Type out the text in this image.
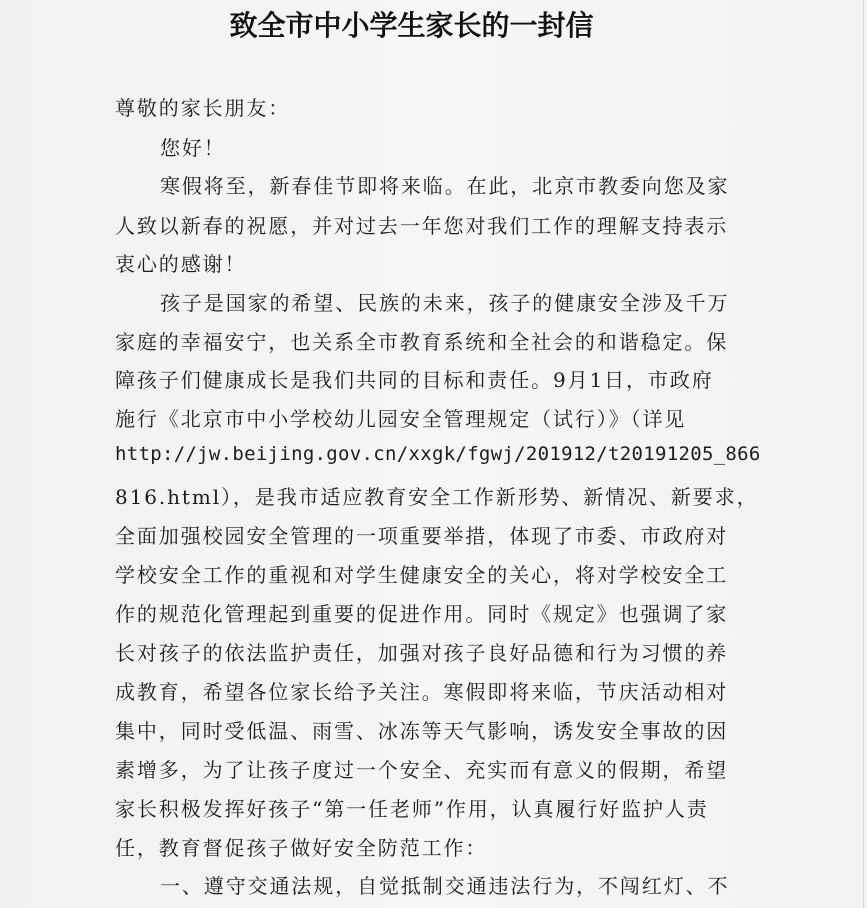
致全市中小学生家长的一封信
尊敬的家长朋友：
您好！
寒假将至，新春佳节即将来临。在此，北京市教委向您及家
人致以新春的祝愿，并对过去一年您对我们工作的理解支持表示
衷心的感谢！
孩子是国家的希望、民族的未来，孩子的健康安全涉及千万
家庭的幸福安宁，也关系全市教育系统和全社会的和谐稳定。保
障孩子们健康成长是我们共同的目标和责任。9月1日，市政府
施行《北京市中小学校幼儿园安全管理规定（试行）》（详见
http://jw.beijing.gov.cn/xxgk/fgwj/201912/t20191205_866
816.html），是我市适应教育安全工作新形势、新情况、新要求，
全面加强校园安全管理的一项重要举措，体现了市委、市政府对
学校安全工作的重视和对学生健康安全的关心，将对学校安全工
作的规范化管理起到重要的促进作用。同时《规定》也强调了家
长对孩子的依法监护责任，加强对孩子良好品德和行为习惯的养
成教育，希望各位家长给予关注。寒假即将来临，节庆活动相对
集中，同时受低温、雨雪、冰冻等天气影响，诱发安全事故的因
素增多，为了让孩子度过一个安全、充实而有意义的假期，希望
家长积极发挥好孩子“第一任老师”作用，认真履行好监护人责
任，教育督促孩子做好安全防范工作：
一、遵守交通法规，自觉抵制交通违法行为，不闯红灯、不
